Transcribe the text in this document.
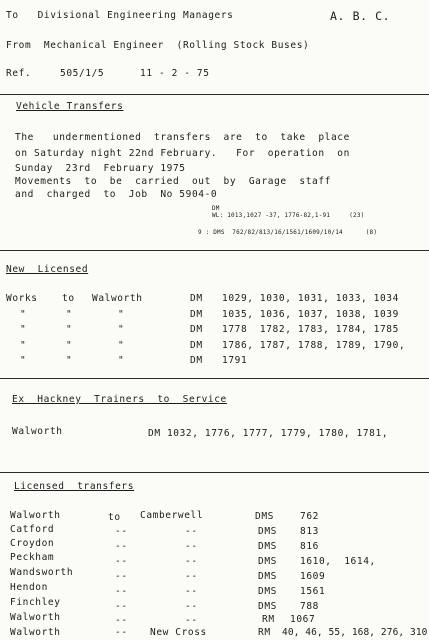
To   Divisional Engineering Managers	A. B. C.
From  Mechanical Engineer  (Rolling Stock Buses)
Ref.	505/1/5	11 - 2 - 75
Vehicle Transfers
The   undermentioned  transfers  are  to  take  place
on Saturday night 22nd February.   For  operation  on
Sunday  23rd  February 1975
Movements  to  be  carried  out  by  Garage  staff
and  charged  to  Job  No 5904-0
DM
WL: 1013,1027 -37, 1776-82,1-91     (23)
9 : DMS  762/82/813/16/1561/1609/10/14      (8)
New  Licensed
Works	to Walworth	DM 1029, 1030, 1031, 1033, 1034
"	"	"	DM 1035, 1036, 1037, 1038, 1039
"	"	"	DM 1778  1782, 1783, 1784, 1785
"	"	"	DM 1786, 1787, 1788, 1789, 1790,
"	"	"	DM 1791
Ex  Hackney  Trainers  to  Service
Walworth	DM 1032, 1776, 1777, 1779, 1780, 1781,
Licensed  transfers
Walworth	to Camberwell	DMS	762
Catford	--	--	DMS 813
Croydon	--	--	DMS 816
Peckham	--	--	DMS 1610,  1614,
Wandsworth	--	--	DMS 1609
Hendon	--	--	DMS 1561
Finchley	--	--	DMS 788
Walworth	--	--	RM 1067
Walworth	-- New Cross	RM 40, 46, 55, 168, 276, 310
